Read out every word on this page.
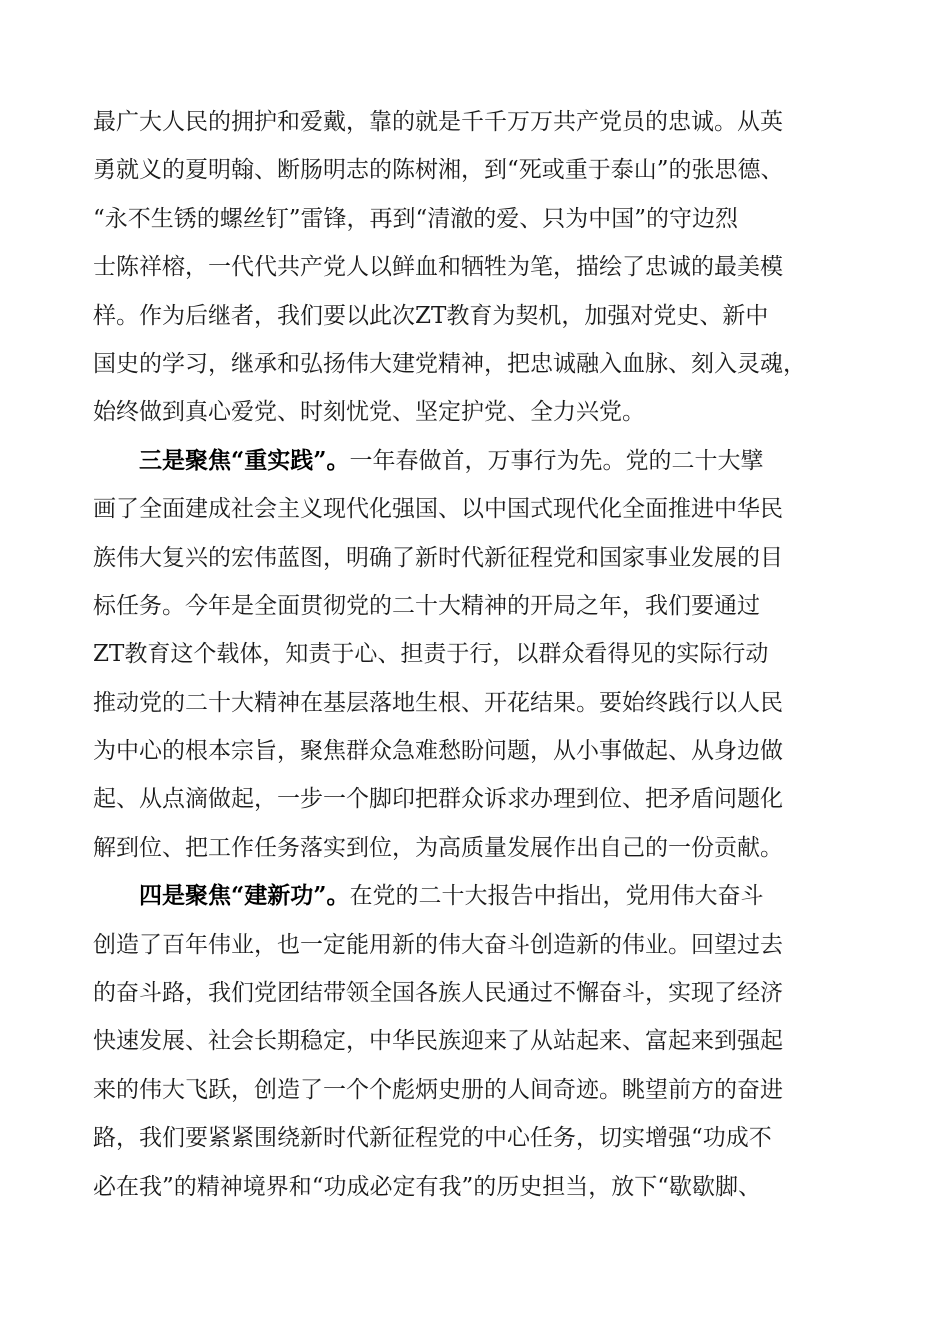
最广大人民的拥护和爱戴，靠的就是千千万万共产党员的忠诚。从英
勇就义的夏明翰、断肠明志的陈树湘，到“死或重于泰山”的张思德、
“永不生锈的螺丝钉”雷锋，再到“清澈的爱、只为中国”的守边烈
士陈祥榕，一代代共产党人以鲜血和牺牲为笔，描绘了忠诚的最美模
样。作为后继者，我们要以此次ZT教育为契机，加强对党史、新中
国史的学习，继承和弘扬伟大建党精神，把忠诚融入血脉、刻入灵魂，
始终做到真心爱党、时刻忧党、坚定护党、全力兴党。
三是聚焦“重实践”。一年春做首，万事行为先。党的二十大擘
画了全面建成社会主义现代化强国、以中国式现代化全面推进中华民
族伟大复兴的宏伟蓝图，明确了新时代新征程党和国家事业发展的目
标任务。今年是全面贯彻党的二十大精神的开局之年，我们要通过
ZT教育这个载体，知责于心、担责于行，以群众看得见的实际行动
推动党的二十大精神在基层落地生根、开花结果。要始终践行以人民
为中心的根本宗旨，聚焦群众急难愁盼问题，从小事做起、从身边做
起、从点滴做起，一步一个脚印把群众诉求办理到位、把矛盾问题化
解到位、把工作任务落实到位，为高质量发展作出自己的一份贡献。
四是聚焦“建新功”。在党的二十大报告中指出，党用伟大奋斗
创造了百年伟业，也一定能用新的伟大奋斗创造新的伟业。回望过去
的奋斗路，我们党团结带领全国各族人民通过不懈奋斗，实现了经济
快速发展、社会长期稳定，中华民族迎来了从站起来、富起来到强起
来的伟大飞跃，创造了一个个彪炳史册的人间奇迹。眺望前方的奋进
路，我们要紧紧围绕新时代新征程党的中心任务，切实增强“功成不
必在我”的精神境界和“功成必定有我”的历史担当，放下“歇歇脚、
